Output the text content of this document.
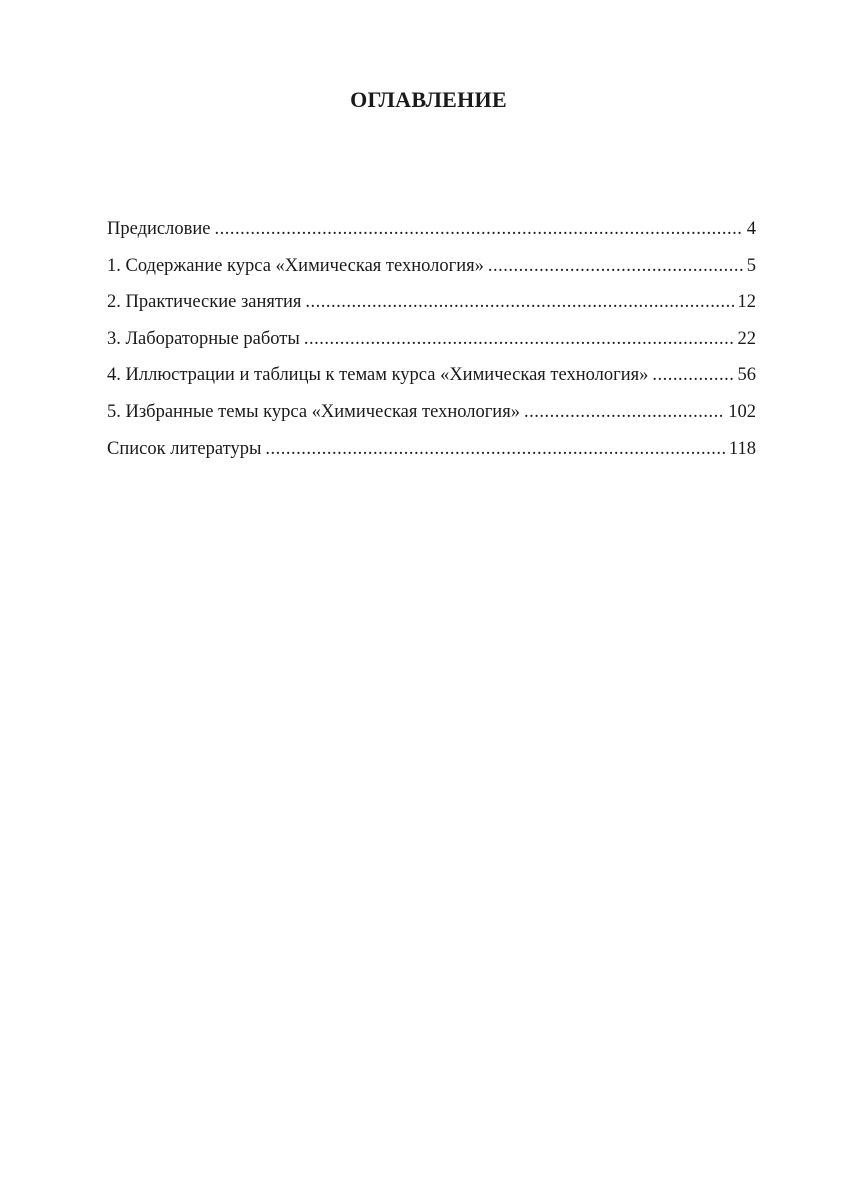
ОГЛАВЛЕНИЕ
Предисловие .....	4
1. Содержание курса «Химическая технология» .....	5
2. Практические занятия .....	12
3. Лабораторные работы .....	22
4. Иллюстрации и таблицы к темам курса «Химическая технология» .....	56
5. Избранные темы курса «Химическая технология» .....	102
Список литературы .....	118
